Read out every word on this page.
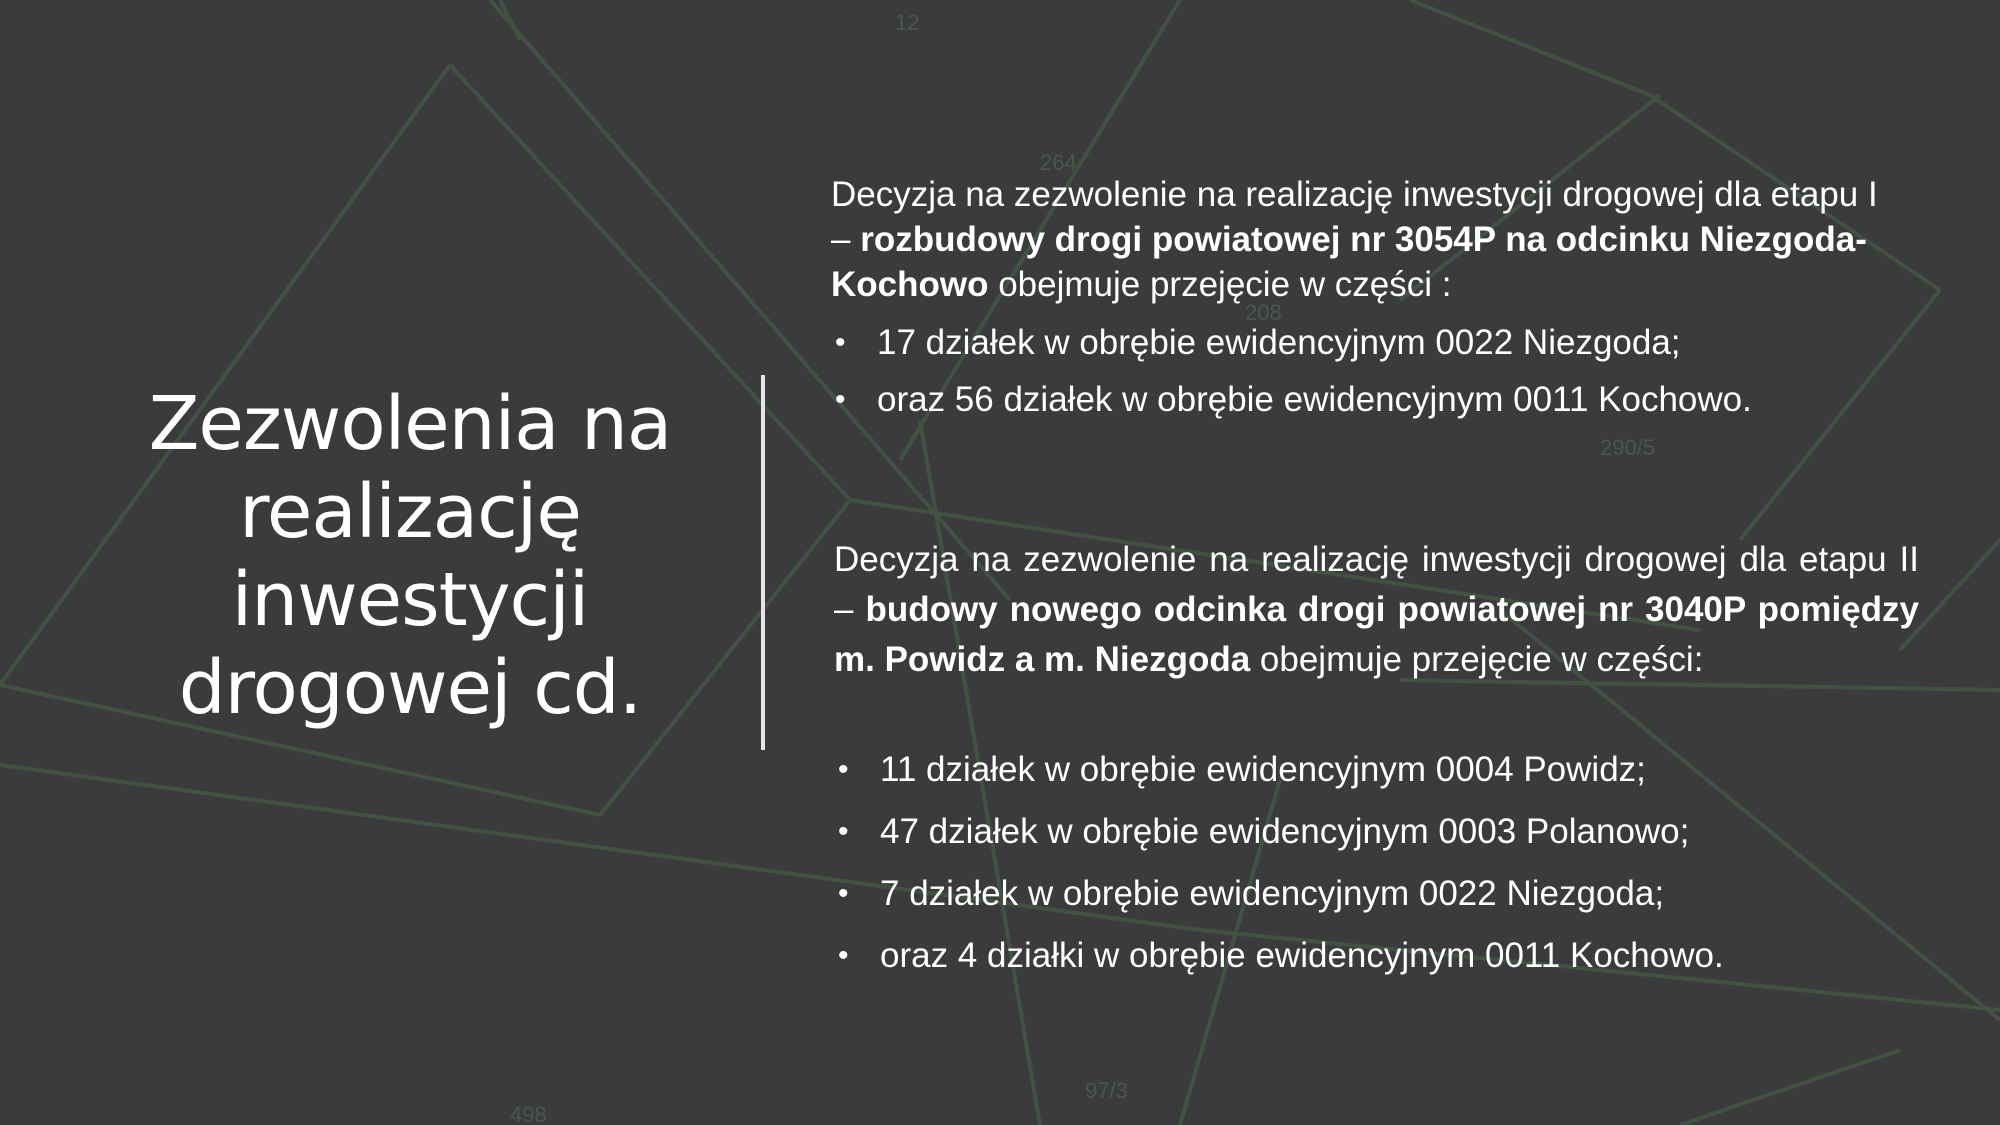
12
264
208
290/5
97/3
498
Zezwolenia na realizację inwestycji drogowej cd.

Decyzja na zezwolenie na realizację inwestycji drogowej dla etapu I – rozbudowy drogi powiatowej nr 3054P na odcinku Niezgoda-Kochowo obejmuje przejęcie w części :

• 17 działek w obrębie ewidencyjnym 0022 Niezgoda;
• oraz 56 działek w obrębie ewidencyjnym 0011 Kochowo.

Decyzja na zezwolenie na realizację inwestycji drogowej dla etapu II – budowy nowego odcinka drogi powiatowej nr 3040P pomiędzy m. Powidz a m. Niezgoda obejmuje przejęcie w części:

• 11 działek w obrębie ewidencyjnym 0004 Powidz;
• 47 działek w obrębie ewidencyjnym 0003 Polanowo;
• 7 działek w obrębie ewidencyjnym 0022 Niezgoda;
• oraz 4 działki w obrębie ewidencyjnym 0011 Kochowo.
